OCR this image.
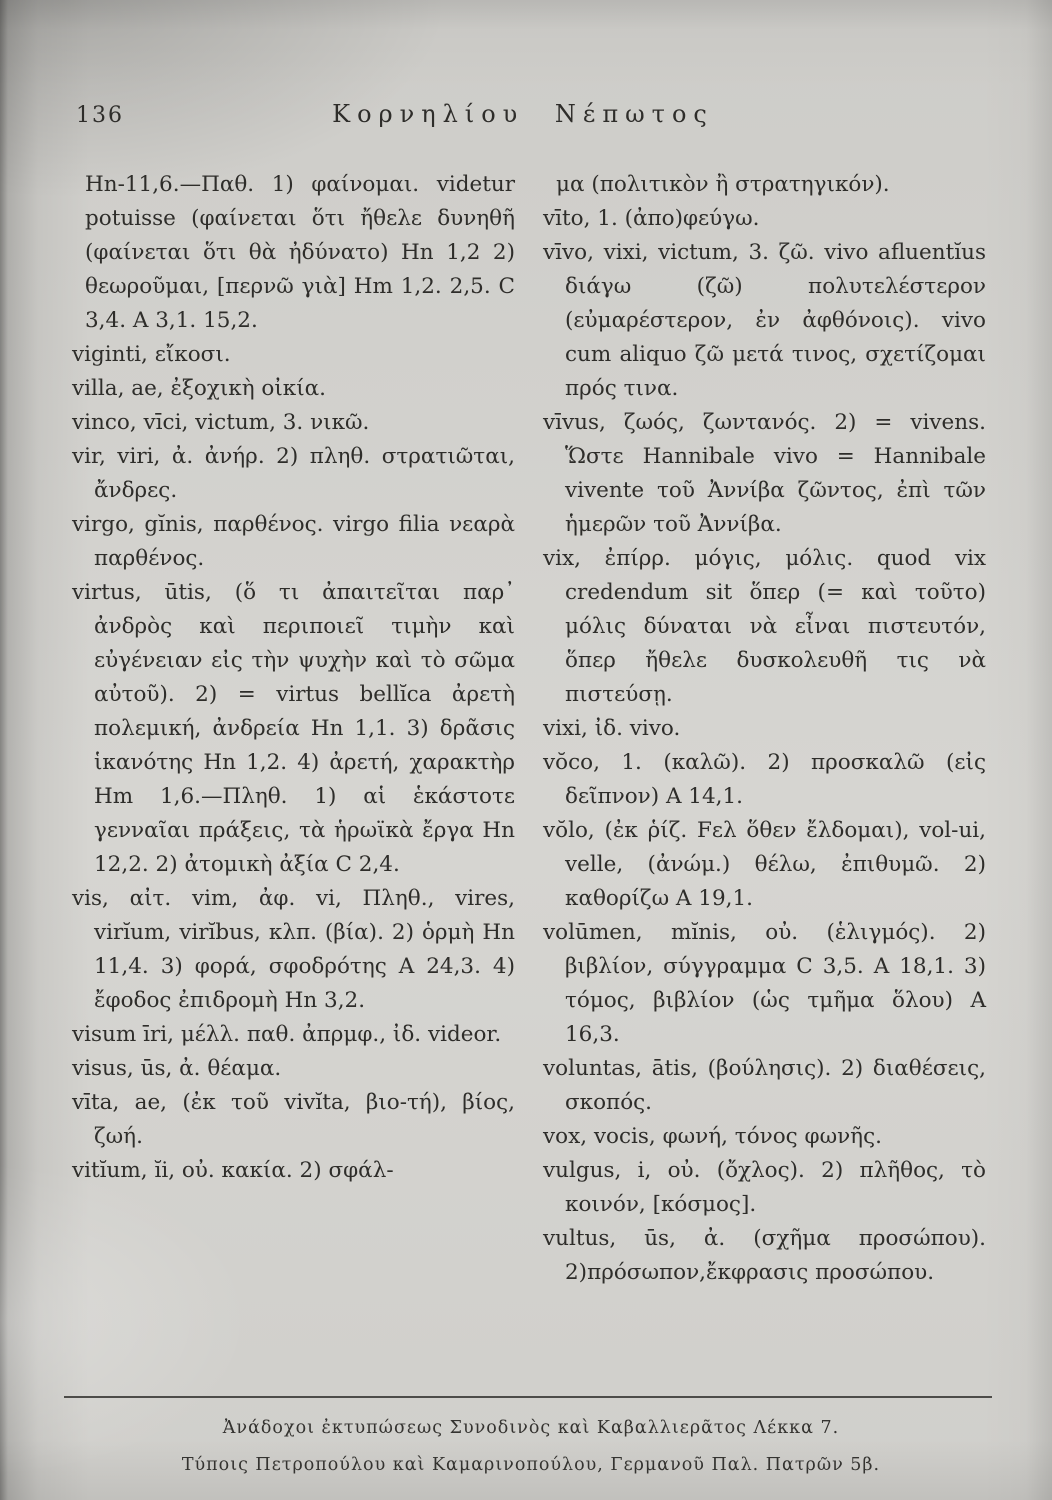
136	Κορνηλίου Νέπωτος

Hn-11,6.—Παθ. 1) φαίνομαι. videtur potuisse (φαίνεται ὅτι ἤθελε δυνηθῆ (φαίνεται ὅτι θὰ ἠδύνατο) Hn 1,2 2) θεωροῦμαι, [περνῶ γιὰ] Hm 1,2. 2,5. C 3,4. A 3,1. 15,2.

viginti, εἴκοσι.

villa, ae, ἐξοχικὴ οἰκία.

vinco, vīci, victum, 3. νικῶ.

vir, viri, ἀ. ἀνήρ. 2) πληθ. στρατιῶται, ἄνδρες.

virgo, gĭnis, παρθένος. virgo filia νεαρὰ παρθένος.

virtus, ūtis, (ὅ τι ἀπαιτεῖται παρ᾽ ἀνδρὸς καὶ περιποιεῖ τιμὴν καὶ εὐγένειαν εἰς τὴν ψυχὴν καὶ τὸ σῶμα αὐτοῦ). 2) = virtus bellĭca ἀρετὴ πολεμική, ἀνδρεία Hn 1,1. 3) δρᾶσις ἱκανότης Hn 1,2. 4) ἀρετή, χαρακτὴρ Hm 1,6.—Πληθ. 1) αἱ ἑκάστοτε γενναῖαι πράξεις, τὰ ἡρωϊκὰ ἔργα Hn 12,2. 2) ἀτομικὴ ἀξία C 2,4.

vis, αἰτ. vim, ἀφ. vi, Πληθ., vires, virĭum, virĭbus, κλπ. (βία). 2) ὁρμὴ Hn 11,4. 3) φορά, σφοδρότης A 24,3. 4) ἔφοδος ἐπιδρομὴ Hn 3,2.

visum īri, μέλλ. παθ. ἀπρμφ., ἰδ. videor.

visus, ūs, ἀ. θέαμα.

vīta, ae, (ἐκ τοῦ vivĭta, βιο-τή), βίος, ζωή.

vitĭum, ĭi, οὐ. κακία. 2) σφάλ-

μα (πολιτικὸν ἢ στρατηγικόν).

vīto, 1. (ἀπο)φεύγω.

vīvo, vixi, victum, 3. ζῶ. vivo afluentĭus διάγω (ζῶ) πολυτελέστερον (εὐμαρέστερον, ἐν ἀφθόνοις). vivo cum aliquo ζῶ μετά τινος, σχετίζομαι πρός τινα.

vīvus, ζωός, ζωντανός. 2) = vivens. Ὥστε Hannibale vivo = Hannibale vivente τοῦ Ἀννίβα ζῶντος, ἐπὶ τῶν ἡμερῶν τοῦ Ἀννίβα.

vix, ἐπίρρ. μόγις, μόλις. quod vix credendum sit ὅπερ (= καὶ τοῦτο) μόλις δύναται νὰ εἶναι πιστευτόν, ὅπερ ἤθελε δυσκολευθῆ τις νὰ πιστεύσῃ.

vixi, ἰδ. vivo.

vŏco, 1. (καλῶ). 2) προσκαλῶ (εἰς δεῖπνον) A 14,1.

vŏlo, (ἐκ ῥίζ. Fελ ὅθεν ἔλδομαι), vol-ui, velle, (ἀνώμ.) θέλω, ἐπιθυμῶ. 2) καθορίζω A 19,1.

volūmen, mĭnis, οὐ. (ἑλιγμός). 2) βιβλίον, σύγγραμμα C 3,5. A 18,1. 3) τόμος, βιβλίον (ὡς τμῆμα ὅλου) A 16,3.

voluntas, ātis, (βούλησις). 2) διαθέσεις, σκοπός.

vox, vocis, φωνή, τόνος φωνῆς.

vulgus, i, οὐ. (ὄχλος). 2) πλῆθος, τὸ κοινόν, [κόσμος].

vultus, ūs, ἀ. (σχῆμα προσώπου). 2)πρόσωπον,ἔκφρασις προσώπου.

Ἀνάδοχοι ἐκτυπώσεως Συνοδινὸς καὶ Καβαλλιερᾶτος Λέκκα 7.

Τύποις Πετροπούλου καὶ Καμαρινοπούλου, Γερμανοῦ Παλ. Πατρῶν 5β.
